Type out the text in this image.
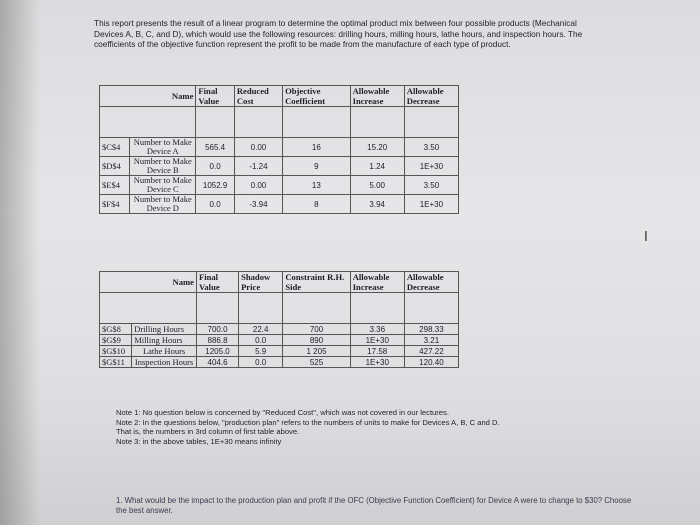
This report presents the result of a linear program to determine the optimal product mix between four possible products (Mechanical Devices A, B, C, and D), which would use the following resources: drilling hours, milling hours, lathe hours, and inspection hours. The coefficients of the objective function represent the profit to be made from the manufacture of each type of product.
	Name	Final Value	Reduced Cost	Objective Coefficient	Allowable Increase	Allowable Decrease

$C$4	Number to Make Device A	565.4	0.00	16	15.20	3.50
$D$4	Number to Make Device B	0.0	-1.24	9	1.24	1E+30
$E$4	Number to Make Device C	1052.9	0.00	13	5.00	3.50
$F$4	Number to Make Device D	0.0	-3.94	8	3.94	1E+30
	Name	Final Value	Shadow Price	Constraint R.H. Side	Allowable Increase	Allowable Decrease

$G$8	Drilling Hours	700.0	22.4	700	3.36	298.33
$G$9	Milling Hours	886.8	0.0	890	1E+30	3.21
$G$10	Lathe Hours	1205.0	5.9	1 205	17.58	427.22
$G$11	Inspection Hours	404.6	0.0	525	1E+30	120.40
Note 1: No question below is concerned by "Reduced Cost", which was not covered in our lectures.
Note 2: In the questions below, "production plan" refers to the numbers of units to make for Devices A, B, C and D.
That is, the numbers in 3rd column of first table above.
Note 3: in the above tables, 1E+30 means infinity
1. What would be the impact to the production plan and profit if the OFC (Objective Function Coefficient) for Device A were to change to $30? Choose the best answer.
I
